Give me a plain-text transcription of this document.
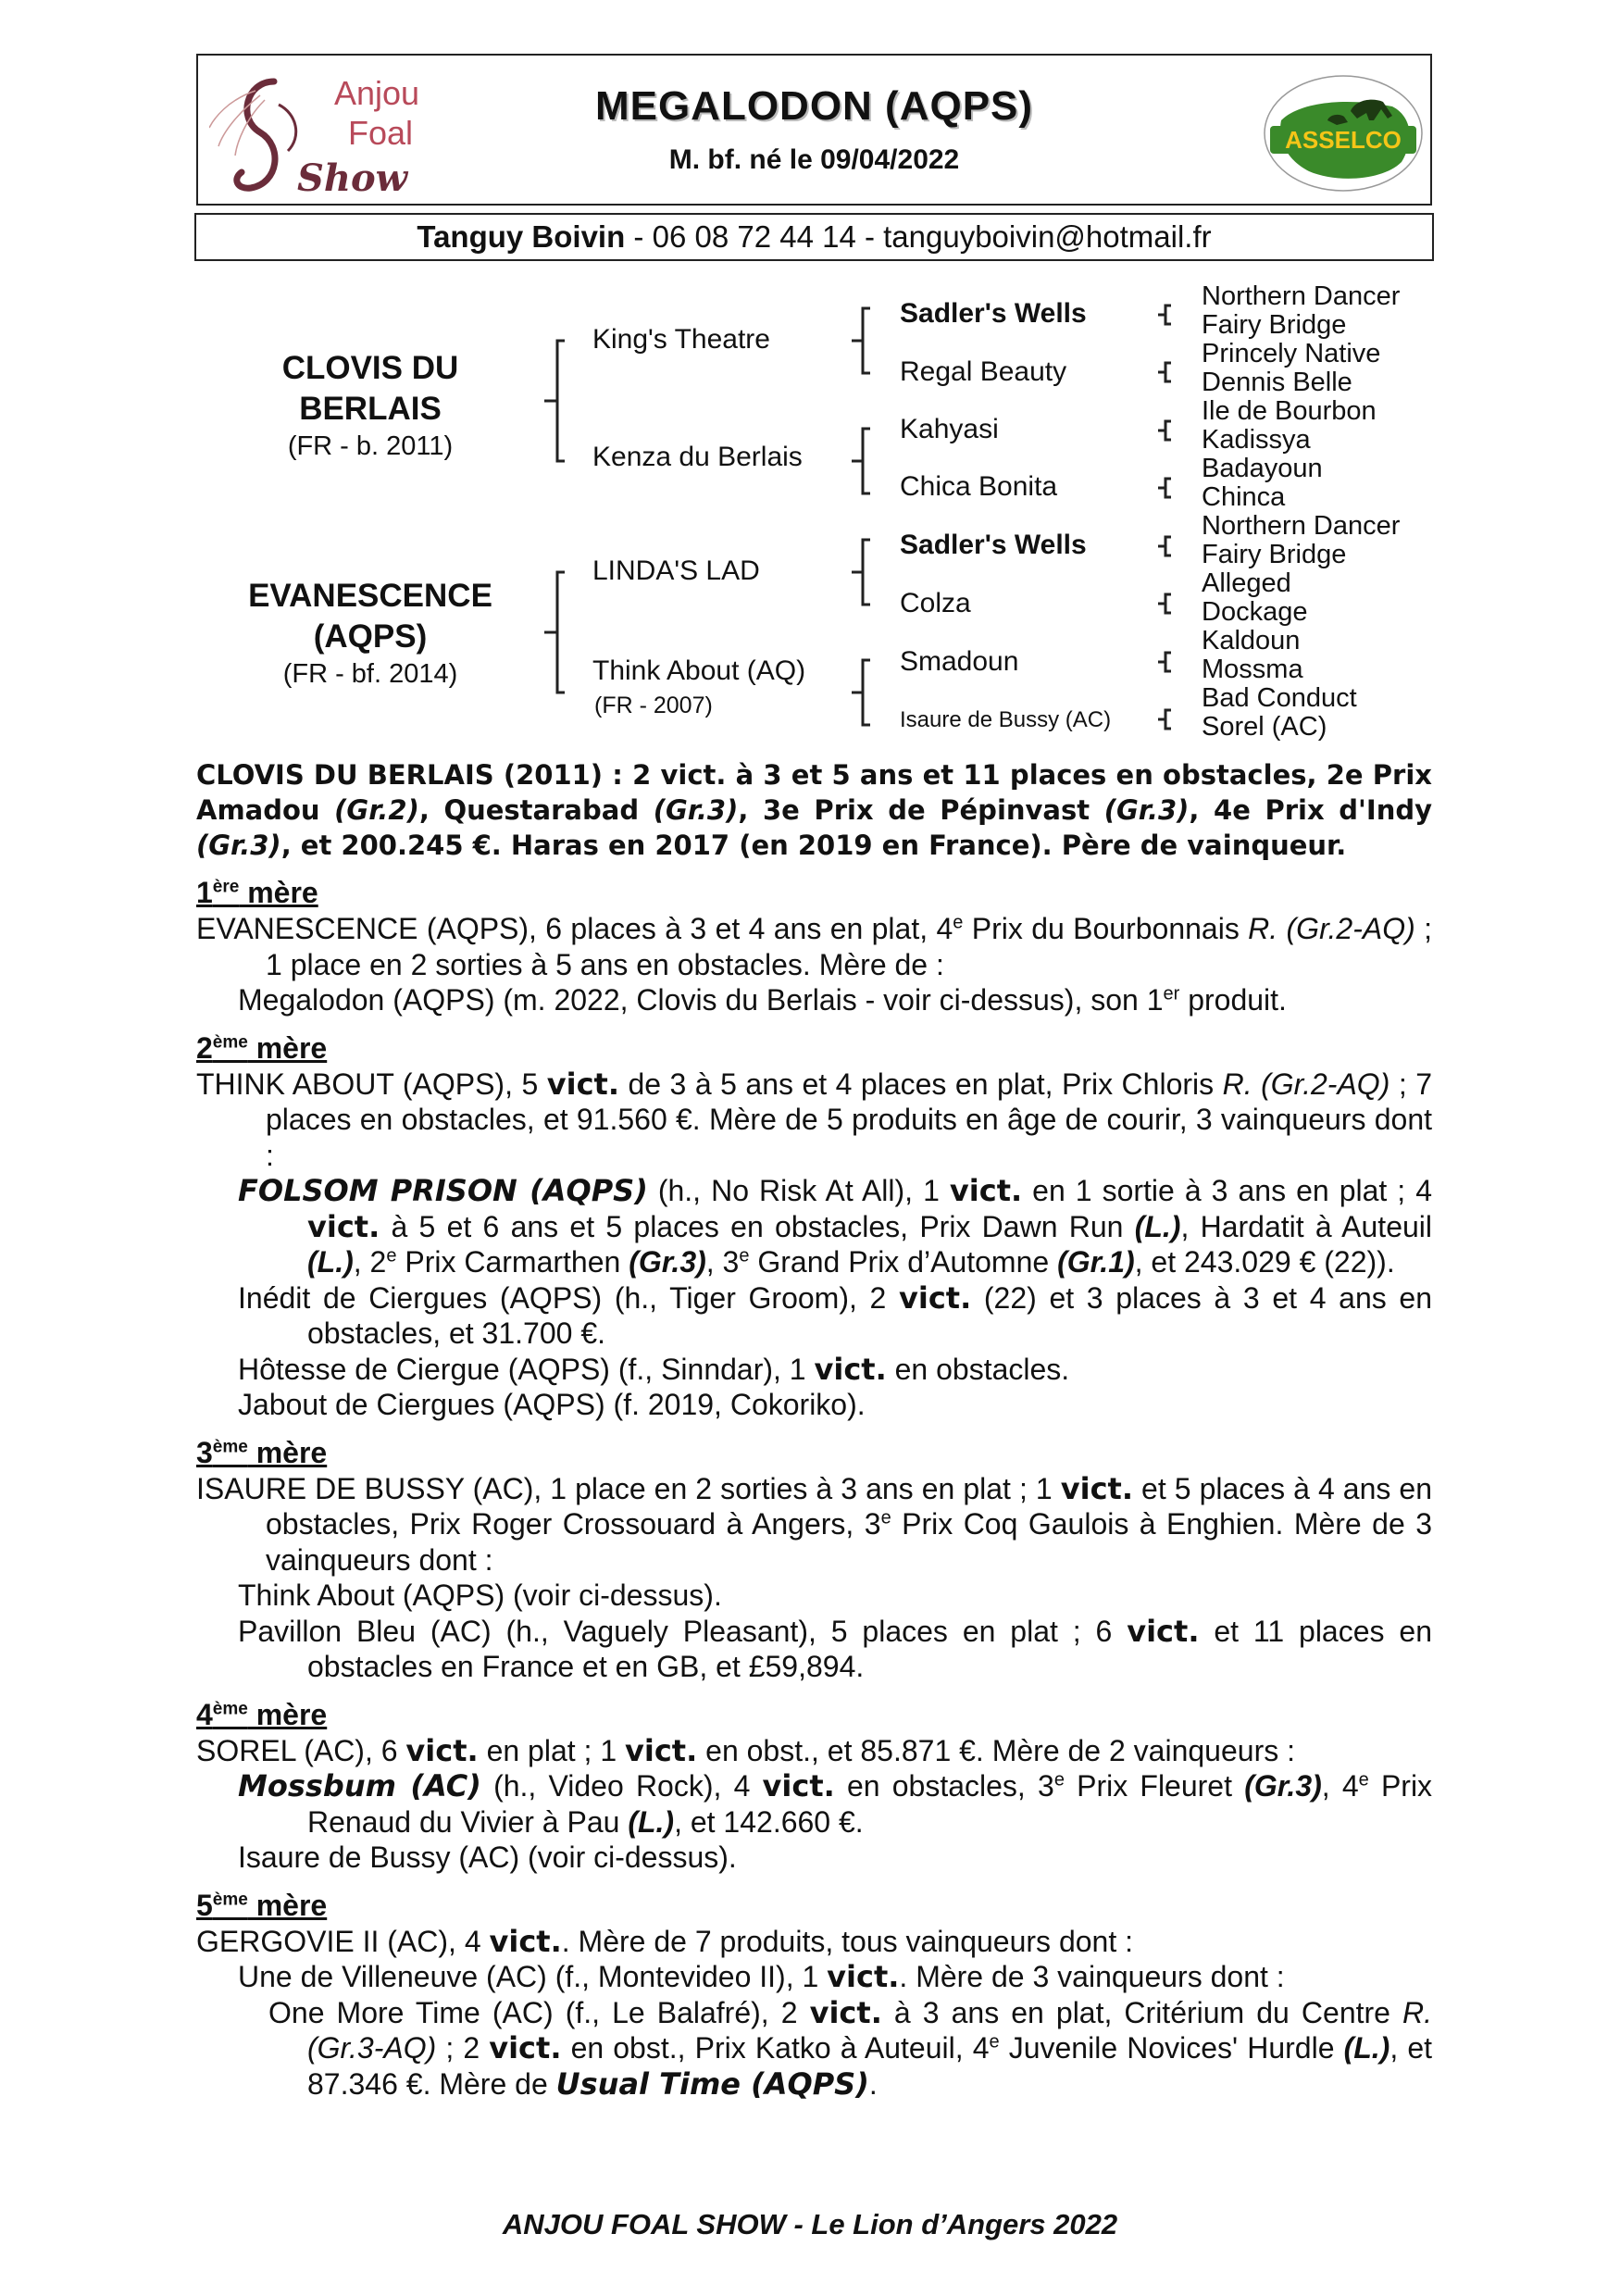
Anjou
Foal
Show
MEGALODON (AQPS)
M. bf. né le 09/04/2022
ASSELCO
Tanguy Boivin - 06 08 72 44 14 - tanguyboivin@hotmail.fr
CLOVIS DU
BERLAIS
(FR - b. 2011)
EVANESCENCE
(AQPS)
(FR - bf. 2014)
King's Theatre
Kenza du Berlais
LINDA'S LAD
Think About (AQ)
(FR - 2007)
Sadler's Wells
Regal Beauty
Kahyasi
Chica Bonita
Sadler's Wells
Colza
Smadoun
Isaure de Bussy (AC)
Northern Dancer
Fairy Bridge
Princely Native
Dennis Belle
Ile de Bourbon
Kadissya
Badayoun
Chinca
Northern Dancer
Fairy Bridge
Alleged
Dockage
Kaldoun
Mossma
Bad Conduct
Sorel (AC)

CLOVIS DU BERLAIS (2011) : 2 vict. à 3 et 5 ans et 11 places en obstacles, 2e Prix Amadou (Gr.2), Questarabad (Gr.3), 3e Prix de Pépinvast (Gr.3), 4e Prix d'Indy (Gr.3), et 200.245 €. Haras en 2017 (en 2019 en France). Père de vainqueur.

1ère mère
EVANESCENCE (AQPS), 6 places à 3 et 4 ans en plat, 4e Prix du Bourbonnais R. (Gr.2-AQ) ; 1 place en 2 sorties à 5 ans en obstacles. Mère de :
Megalodon (AQPS) (m. 2022, Clovis du Berlais - voir ci-dessus), son 1er produit.
2ème mère
THINK ABOUT (AQPS), 5 vict. de 3 à 5 ans et 4 places en plat, Prix Chloris R. (Gr.2-AQ) ; 7 places en obstacles, et 91.560 €. Mère de 5 produits en âge de courir, 3 vainqueurs dont :
FOLSOM PRISON (AQPS) (h., No Risk At All), 1 vict. en 1 sortie à 3 ans en plat ; 4 vict. à 5 et 6 ans et 5 places en obstacles, Prix Dawn Run (L.), Hardatit à Auteuil (L.), 2e Prix Carmarthen (Gr.3), 3e Grand Prix d’Automne (Gr.1), et 243.029 € (22)).
Inédit de Ciergues (AQPS) (h., Tiger Groom), 2 vict. (22) et 3 places à 3 et 4 ans en obstacles, et 31.700 €.
Hôtesse de Ciergue (AQPS) (f., Sinndar), 1 vict. en obstacles.
Jabout de Ciergues (AQPS) (f. 2019, Cokoriko).
3ème mère
ISAURE DE BUSSY (AC), 1 place en 2 sorties à 3 ans en plat ; 1 vict. et 5 places à 4 ans en obstacles, Prix Roger Crossouard à Angers, 3e Prix Coq Gaulois à Enghien. Mère de 3 vainqueurs dont :
Think About (AQPS) (voir ci-dessus).
Pavillon Bleu (AC) (h., Vaguely Pleasant), 5 places en plat ; 6 vict. et 11 places en obstacles en France et en GB, et £59,894.
4ème mère
SOREL (AC), 6 vict. en plat ; 1 vict. en obst., et 85.871 €. Mère de 2 vainqueurs :
Mossbum (AC) (h., Video Rock), 4 vict. en obstacles, 3e Prix Fleuret (Gr.3), 4e Prix Renaud du Vivier à Pau (L.), et 142.660 €.
Isaure de Bussy (AC) (voir ci-dessus).
5ème mère
GERGOVIE II (AC), 4 vict.. Mère de 7 produits, tous vainqueurs dont :
Une de Villeneuve (AC) (f., Montevideo II), 1 vict.. Mère de 3 vainqueurs dont :
One More Time (AC) (f., Le Balafré), 2 vict. à 3 ans en plat, Critérium du Centre R. (Gr.3-AQ) ; 2 vict. en obst., Prix Katko à Auteuil, 4e Juvenile Novices' Hurdle (L.), et 87.346 €. Mère de Usual Time (AQPS).
ANJOU FOAL SHOW - Le Lion d’Angers 2022
